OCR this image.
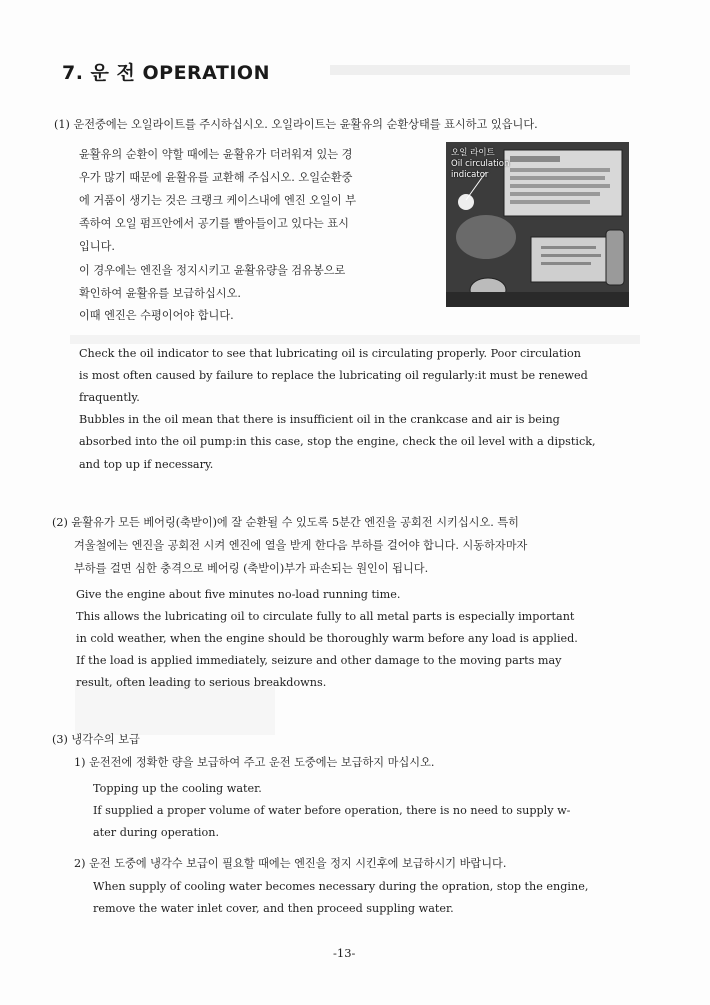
7. 운 전 OPERATION
(1) 운전중에는 오일라이트를 주시하십시오. 오일라이트는 윤활유의 순환상태를 표시하고 있읍니다.
윤활유의 순환이 약할 때에는 윤활유가 더러워져 있는 경
우가 많기 때문에 윤활유를 교환해 주십시오. 오일순환중
에 거품이 생기는 것은 크랭크 케이스내에 엔진 오일이 부
족하여 오일 펌프안에서 공기를 빨아들이고 있다는 표시
입니다.
이 경우에는 엔진을 정지시키고 윤활유량을 검유봉으로
확인하여 윤활유를 보급하십시오.
이때 엔진은 수평이어야 합니다.
오일 라이트
Oil circulation
indicator
Check the oil indicator to see that lubricating oil is circulating properly. Poor circulation
is most often caused by failure to replace the lubricating oil regularly:it must be renewed
fraquently.
Bubbles in the oil mean that there is insufficient oil in the crankcase and air is being
absorbed into the oil pump:in this case, stop the engine, check the oil level with a dipstick,
and top up if necessary.
(2) 윤활유가 모든 베어링(축받이)에 잘 순환될 수 있도록 5분간 엔진을 공회전 시키십시오. 특히
겨울철에는 엔진을 공회전 시켜 엔진에 열을 받게 한다음 부하를 걸어야 합니다. 시동하자마자
부하를 걸면 심한 충격으로 베어링 (축받이)부가 파손되는 원인이 됩니다.
Give the engine about five minutes no-load running time.
This allows the lubricating oil to circulate fully to all metal parts is especially important
in cold weather, when the engine should be thoroughly warm before any load is applied.
If the load is applied immediately, seizure and other damage to the moving parts may
result, often leading to serious breakdowns.
(3) 냉각수의 보급
1) 운전전에 정확한 량을 보급하여 주고 운전 도중에는 보급하지 마십시오.
Topping up the cooling water.
If supplied a proper volume of water before operation, there is no need to supply w-
ater during operation.
2) 운전 도중에 냉각수 보급이 필요할 때에는 엔진을 정지 시킨후에 보급하시기 바랍니다.
When supply of cooling water becomes necessary during the opration, stop the engine,
remove the water inlet cover, and then proceed suppling water.
-13-
